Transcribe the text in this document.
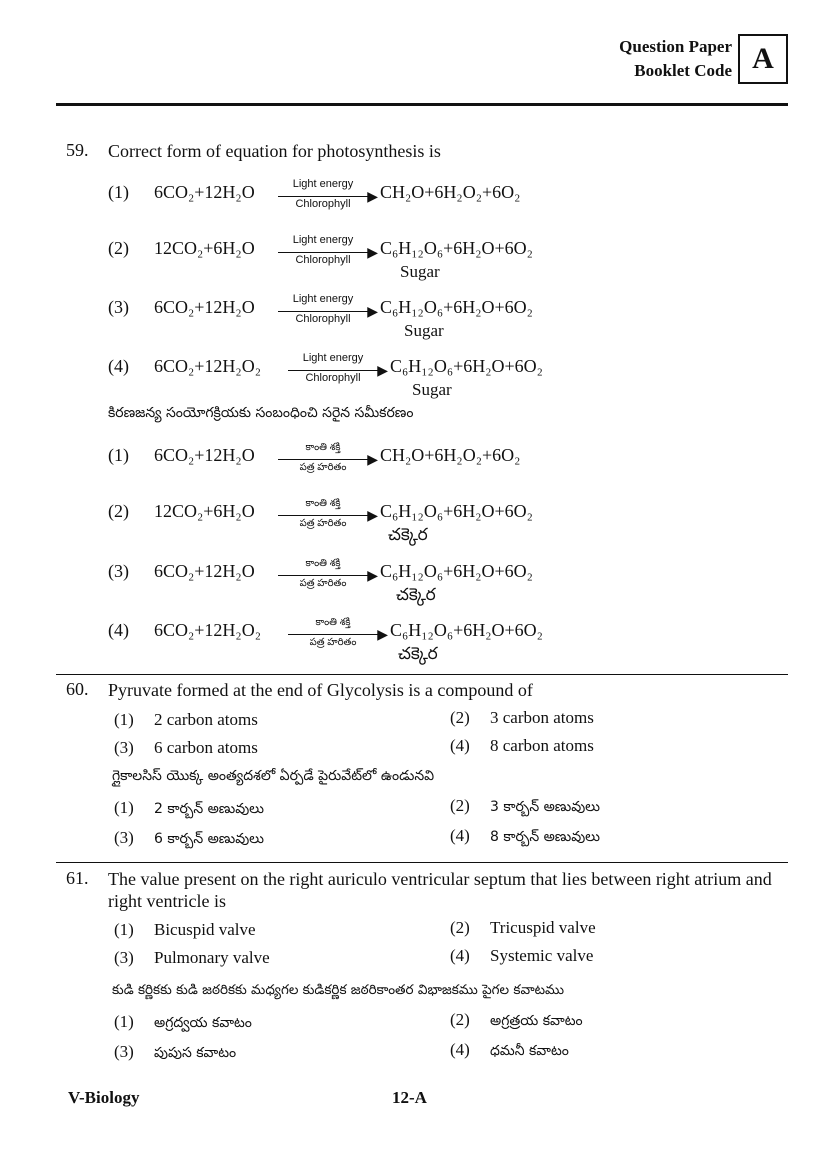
Question Paper
Booklet Code A
59. Correct form of equation for photosynthesis is
(1)	6CO₂+12H₂O	Light energy
▶
Chlorophyll
CH₂O+6H₂O₂+6O₂
(2)	12CO₂+6H₂O	Light energy
▶
Chlorophyll
C₆H₁₂O₆+6H₂O+6O₂
Sugar
(3)	6CO₂+12H₂O	Light energy
▶
Chlorophyll
C₆H₁₂O₆+6H₂O+6O₂
Sugar
(4)	6CO₂+12H₂O₂	Light energy
▶
Chlorophyll
C₆H₁₂O₆+6H₂O+6O₂
Sugar
కిరణజన్య సంయోగక్రియకు సంబంధించి సరైన సమీకరణం
(1)	6CO₂+12H₂O	కాంతి శక్తి
▶
పత్ర హరితం
CH₂O+6H₂O₂+6O₂
(2)	12CO₂+6H₂O	కాంతి శక్తి
▶
పత్ర హరితం
C₆H₁₂O₆+6H₂O+6O₂
చక్కెర
(3)	6CO₂+12H₂O	కాంతి శక్తి
▶
పత్ర హరితం
C₆H₁₂O₆+6H₂O+6O₂
చక్కెర
(4)	6CO₂+12H₂O₂	కాంతి శక్తి
▶
పత్ర హరితం
C₆H₁₂O₆+6H₂O+6O₂
చక్కెర
60. Pyruvate formed at the end of Glycolysis is a compound of
(1) 2 carbon atoms	(2) 3 carbon atoms
(3) 6 carbon atoms	(4) 8 carbon atoms
గ్లైకాలసిస్ యొక్క అంత్యదశలో ఏర్పడే పైరువేట్‌లో ఉండునవి
(1) 2 కార్బన్ అణువులు	(2) 3 కార్బన్ అణువులు
(3) 6 కార్బన్ అణువులు	(4) 8 కార్బన్ అణువులు
61. The value present on the right auriculo ventricular septum that lies between right atrium and right ventricle is
(1) Bicuspid valve	(2) Tricuspid valve
(3) Pulmonary valve	(4) Systemic valve
కుడి కర్ణికకు కుడి జఠరికకు మధ్యగల కుడికర్ణిక జఠరికాంతర విభాజకము పైగల కవాటము
(1) అగ్రద్వయ కవాటం	(2) అగ్రత్రయ కవాటం
(3) పుపుస కవాటం	(4) ధమనీ కవాటం
V-Biology	12-A
